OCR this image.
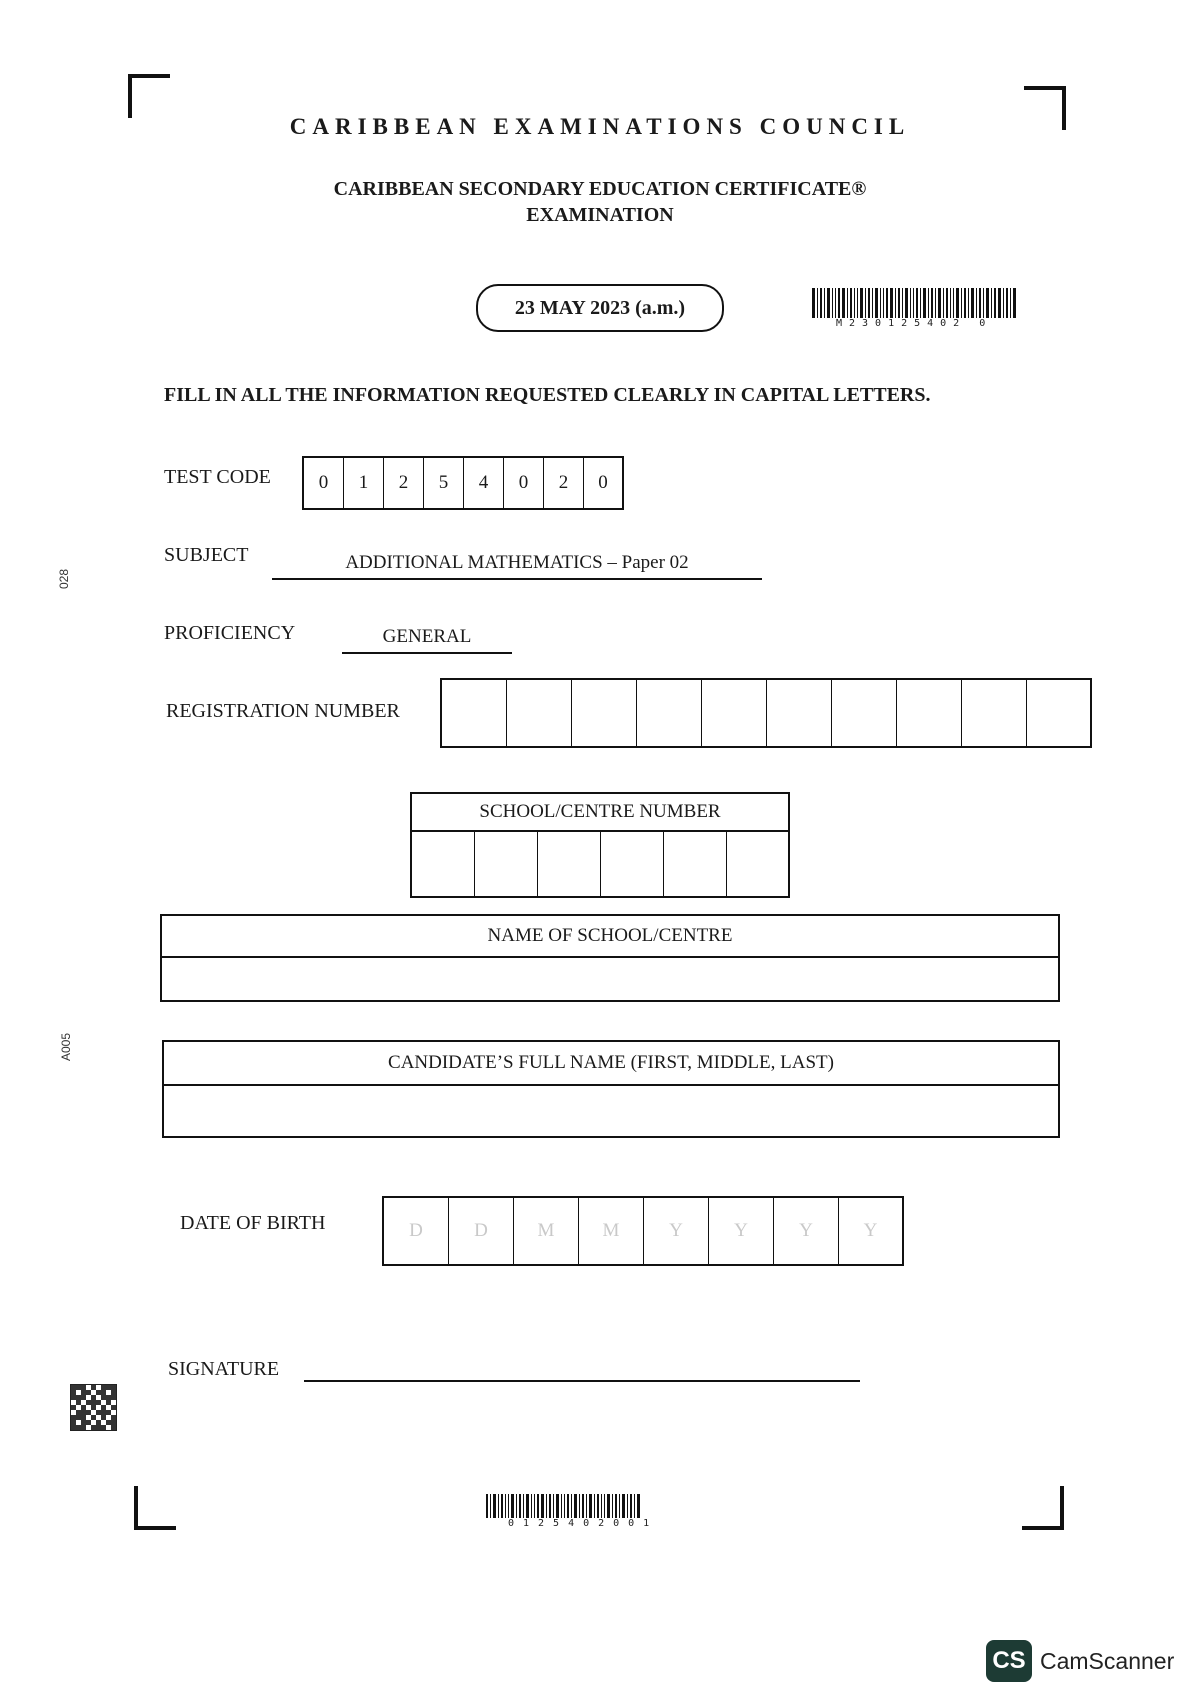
028
A005
CARIBBEAN EXAMINATIONS COUNCIL
CARIBBEAN SECONDARY EDUCATION CERTIFICATE®
EXAMINATION
23 MAY 2023 (a.m.)
M230125402 0
FILL IN ALL THE INFORMATION REQUESTED CLEARLY IN CAPITAL LETTERS.
TEST CODE	0	1	2	5	4	0	2	0
SUBJECT	ADDITIONAL MATHEMATICS – Paper 02
PROFICIENCY	GENERAL
REGISTRATION NUMBER
SCHOOL/CENTRE NUMBER
NAME OF SCHOOL/CENTRE
CANDIDATE’S FULL NAME (FIRST, MIDDLE, LAST)
DATE OF BIRTH	D	D	M	M	Y	Y	Y	Y
SIGNATURE
0125402001
CS CamScanner
